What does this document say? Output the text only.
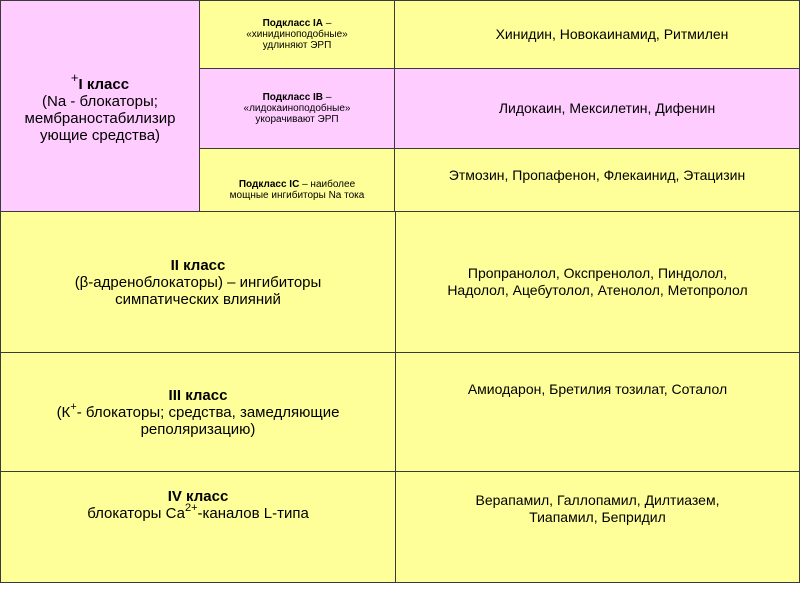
+I класс
(Na - блокаторы;
мембраностабилизир
ующие средства)
Подкласс IA –
«хинидиноподобные»
удлиняют ЭРП
Хинидин, Новокаинамид, Ритмилен
Подкласс IB –
«лидокаиноподобные»
укорачивают ЭРП
Лидокаин, Мексилетин, Дифенин
Подкласс IC – наиболее
мощные ингибиторы Na тока
Этмозин, Пропафенон, Флекаинид, Этацизин
II класс
(β-адреноблокаторы) – ингибиторы
симпатических влияний
Пропранолол, Окспренолол, Пиндолол,
Надолол, Ацебутолол, Атенолол, Метопролол
III класс
(К+- блокаторы; средства, замедляющие
реполяризацию)
Амиодарон, Бретилия тозилат, Соталол
IV класс
блокаторы $Са^{2+}$-каналов L-типа
Верапамил, Галлопамил, Дилтиазем,
Тиапамил, Бепридил
